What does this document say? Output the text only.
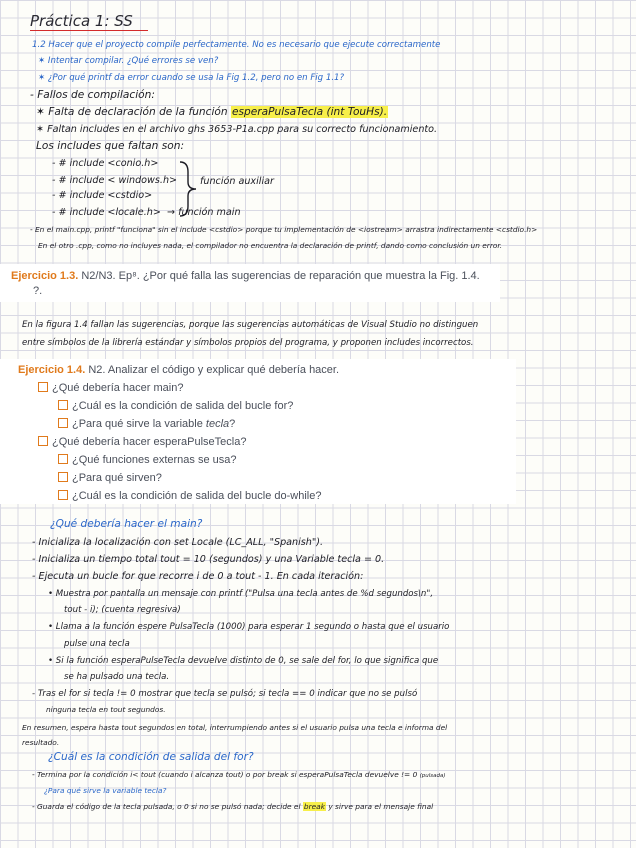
Práctica 1: SS
1.2 Hacer que el proyecto compile perfectamente. No es necesario que ejecute correctamente
✶ Intentar compilar. ¿Qué errores se ven?
✶ ¿Por qué printf da error cuando se usa la Fig 1.2, pero no en Fig 1.1?
- Fallos de compilación:
✶ Falta de declaración de la función esperaPulsaTecla (int TouHs).
✶ Faltan includes en el archivo ghs 3653-P1a.cpp para su correcto funcionamiento.
Los includes que faltan son:
- # include <conio.h>
- # include < windows.h>
- # include <cstdio>
función auxiliar
- # include <locale.h> → función main
- En el main.cpp, printf "funciona" sin el include <cstdio> porque tu implementación de <iostream> arrastra indirectamente <cstdio.h>
En el otro .cpp, como no incluyes nada, el compilador no encuentra la declaración de printf, dando como conclusión un error.
Ejercicio 1.3. N2/N3. Ep⁸. ¿Por qué falla las sugerencias de reparación que muestra la Fig. 1.4.
?.
En la figura 1.4 fallan las sugerencias, porque las sugerencias automáticas de Visual Studio no distinguen
entre símbolos de la librería estándar y símbolos propios del programa, y proponen includes incorrectos.
Ejercicio 1.4. N2. Analizar el código y explicar qué debería hacer.
¿Qué debería hacer main?
¿Cuál es la condición de salida del bucle for?
¿Para qué sirve la variable tecla?
¿Qué debería hacer esperaPulseTecla?
¿Qué funciones externas se usa?
¿Para qué sirven?
¿Cuál es la condición de salida del bucle do-while?
¿Qué debería hacer el main?
- Inicializa la localización con set Locale (LC_ALL, "Spanish").
- Inicializa un tiempo total tout = 10 (segundos) y una Variable tecla = 0.
- Ejecuta un bucle for que recorre i de 0 a tout - 1. En cada iteración:
• Muestra por pantalla un mensaje con printf ("Pulsa una tecla antes de %d segundos\n",
tout - i); (cuenta regresiva)
• Llama a la función espere PulsaTecla (1000) para esperar 1 segundo o hasta que el usuario
pulse una tecla
• Si la función esperaPulseTecla devuelve distinto de 0, se sale del for, lo que significa que
se ha pulsado una tecla.
- Tras el for si tecla != 0 mostrar que tecla se pulsó; si tecla == 0 indicar que no se pulsó
ninguna tecla en tout segundos.
En resumen, espera hasta tout segundos en total, interrumpiendo antes si el usuario pulsa una tecla e informa del
resultado.
¿Cuál es la condición de salida del for?
- Termina por la condición i< tout (cuando i alcanza tout) o por break si esperaPulsaTecla devuelve != 0 (pulsada)
¿Para qué sirve la variable tecla?
- Guarda el código de la tecla pulsada, o 0 si no se pulsó nada; decide el break y sirve para el mensaje final
